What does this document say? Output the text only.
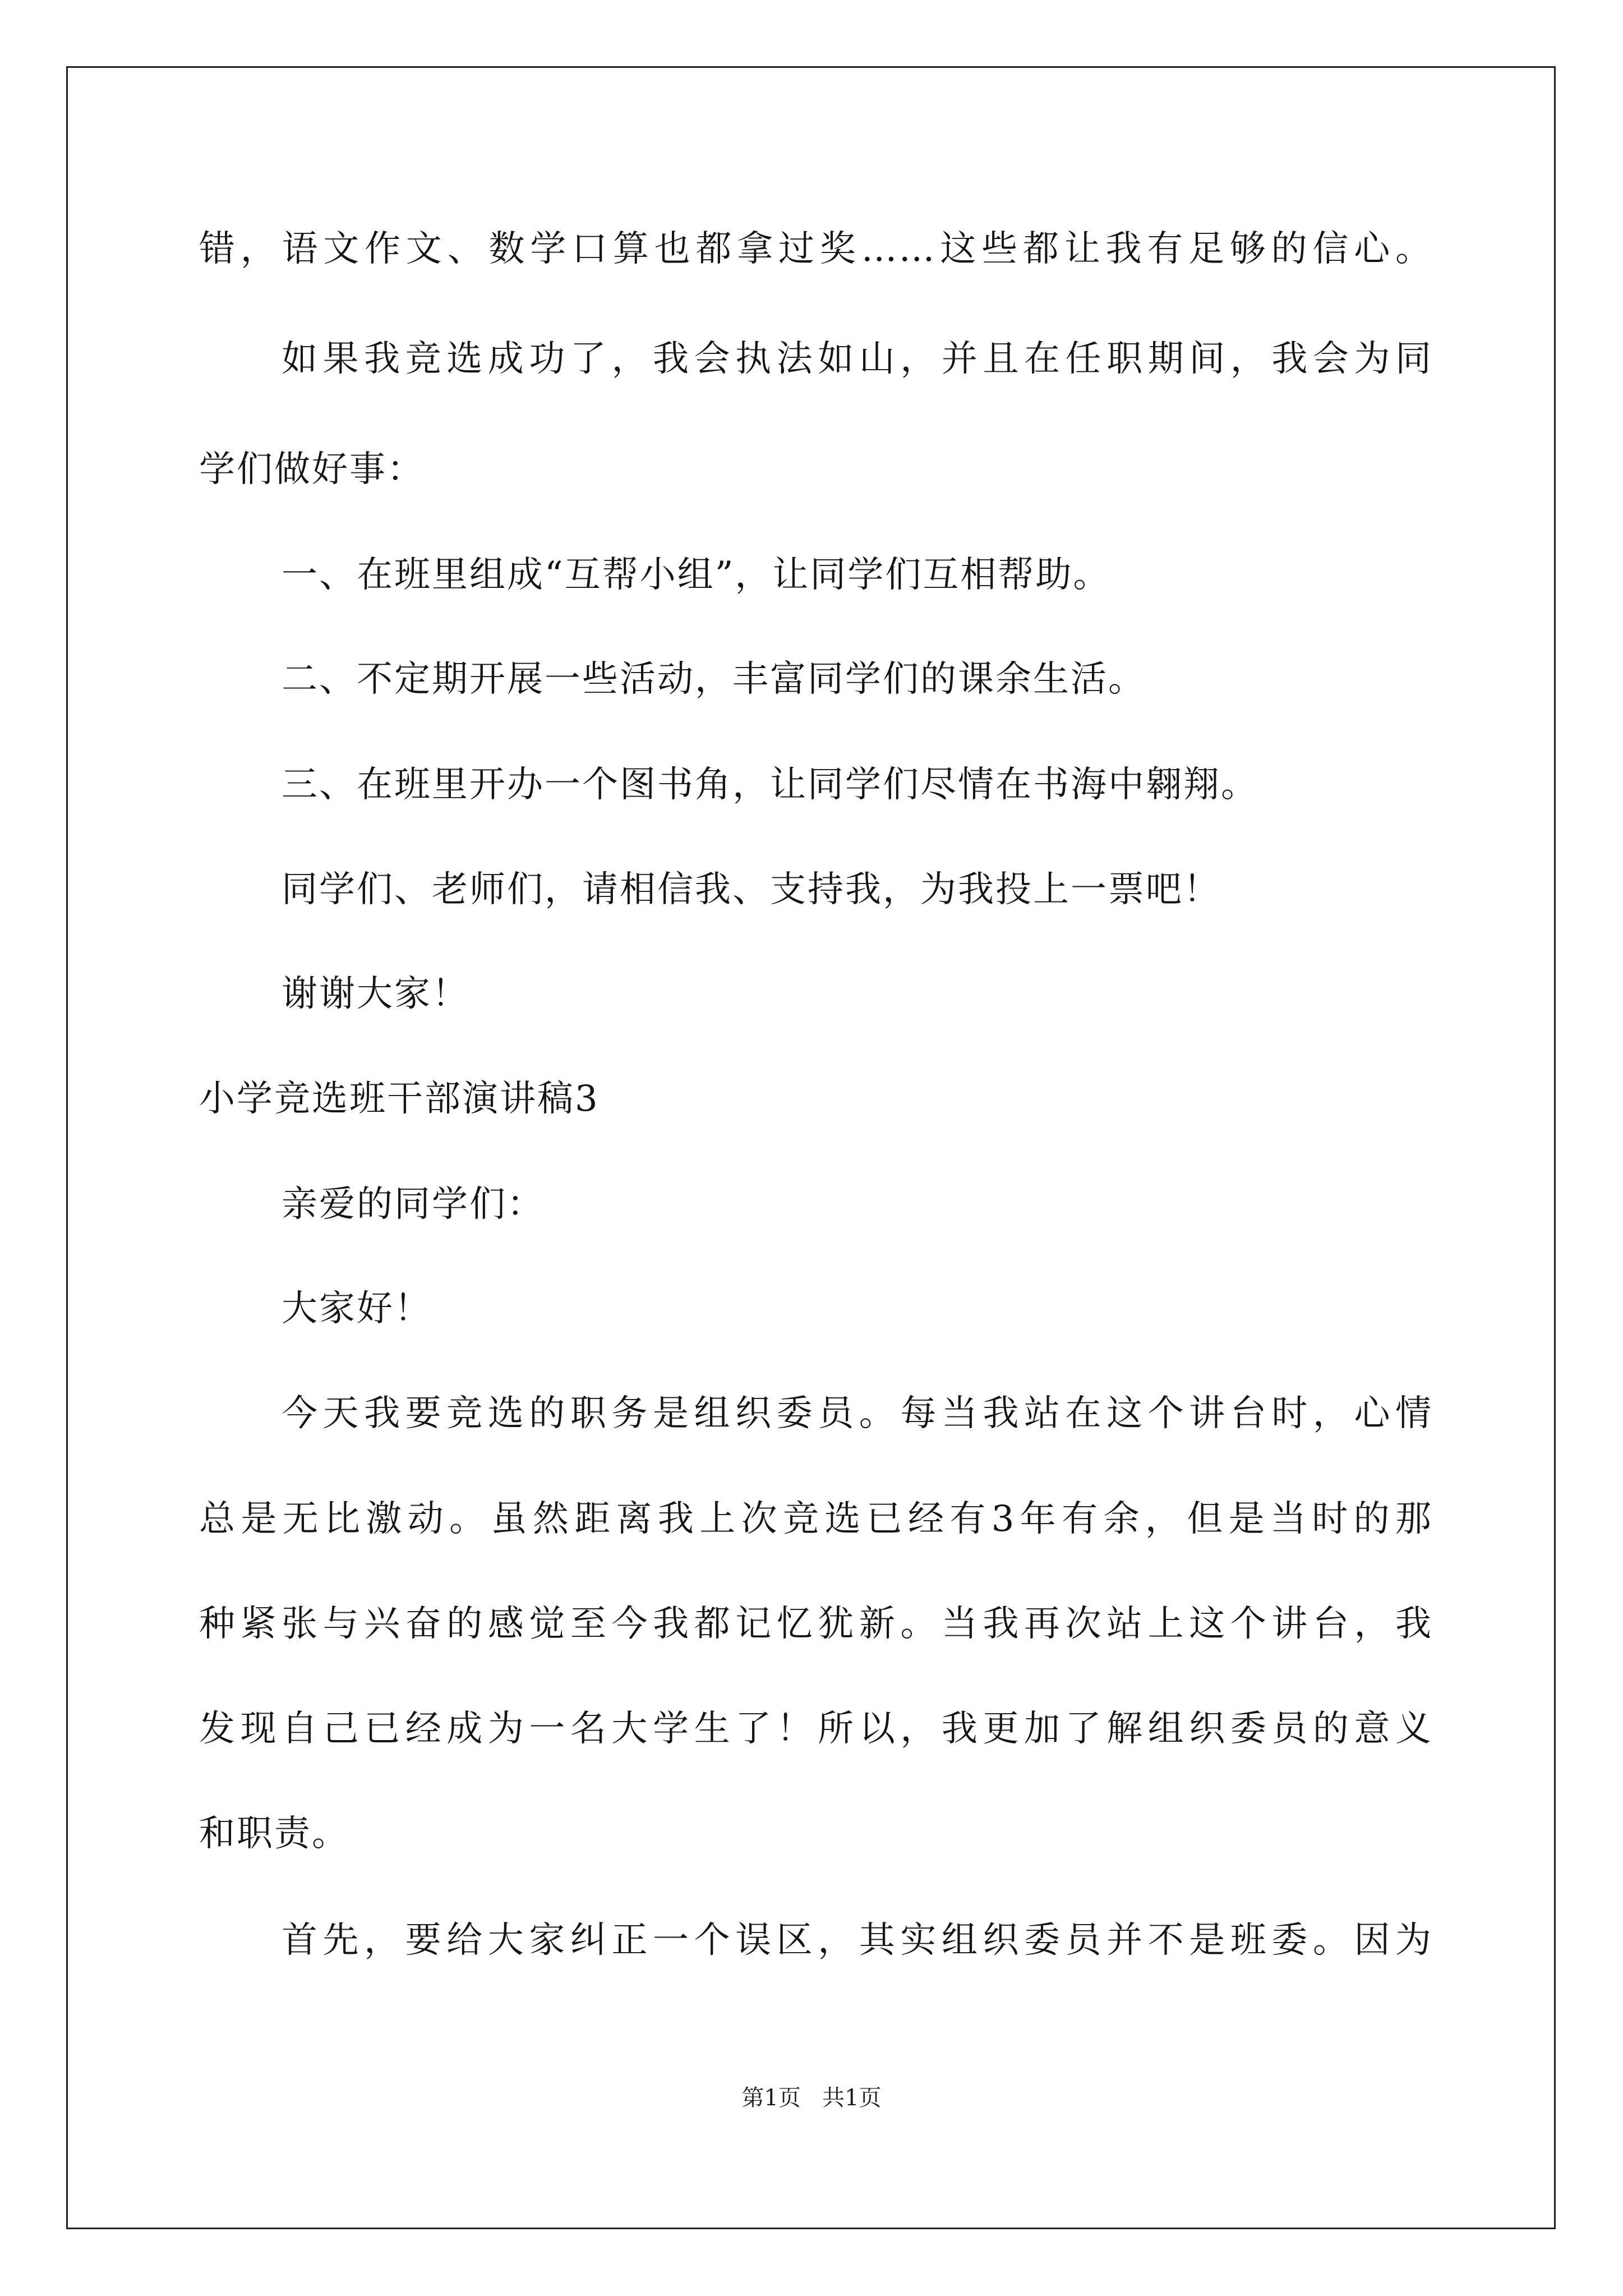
错，语文作文、数学口算也都拿过奖……这些都让我有足够的信心。
如果我竞选成功了，我会执法如山，并且在任职期间，我会为同
学们做好事：
一、在班里组成“互帮小组”，让同学们互相帮助。
二、不定期开展一些活动，丰富同学们的课余生活。
三、在班里开办一个图书角，让同学们尽情在书海中翱翔。
同学们、老师们，请相信我、支持我，为我投上一票吧！
谢谢大家！
小学竞选班干部演讲稿3
亲爱的同学们：
大家好！
今天我要竞选的职务是组织委员。每当我站在这个讲台时，心情
总是无比激动。虽然距离我上次竞选已经有3年有余，但是当时的那
种紧张与兴奋的感觉至今我都记忆犹新。当我再次站上这个讲台，我
发现自己已经成为一名大学生了！所以，我更加了解组织委员的意义
和职责。
首先，要给大家纠正一个误区，其实组织委员并不是班委。因为
第1页   共1页
